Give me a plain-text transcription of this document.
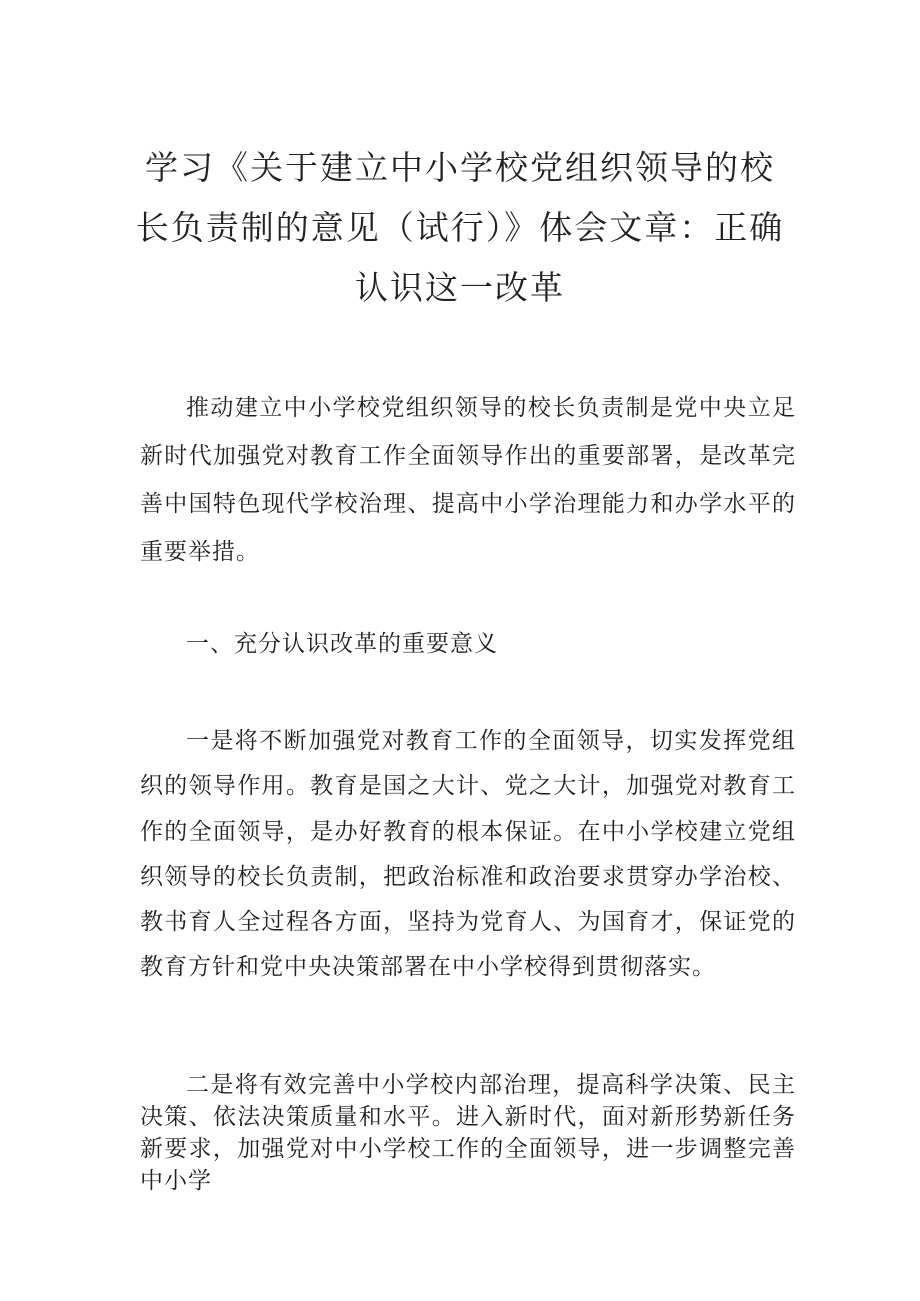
学习《关于建立中小学校党组织领导的校长负责制的意见（试行）》体会文章：正确认识这一改革

推动建立中小学校党组织领导的校长负责制是党中央立足新时代加强党对教育工作全面领导作出的重要部署，是改革完善中国特色现代学校治理、提高中小学治理能力和办学水平的重要举措。

一、充分认识改革的重要意义

一是将不断加强党对教育工作的全面领导，切实发挥党组织的领导作用。教育是国之大计、党之大计，加强党对教育工作的全面领导，是办好教育的根本保证。在中小学校建立党组织领导的校长负责制，把政治标准和政治要求贯穿办学治校、教书育人全过程各方面，坚持为党育人、为国育才，保证党的教育方针和党中央决策部署在中小学校得到贯彻落实。

二是将有效完善中小学校内部治理，提高科学决策、民主决策、依法决策质量和水平。进入新时代，面对新形势新任务新要求，加强党对中小学校工作的全面领导，进一步调整完善中小学
